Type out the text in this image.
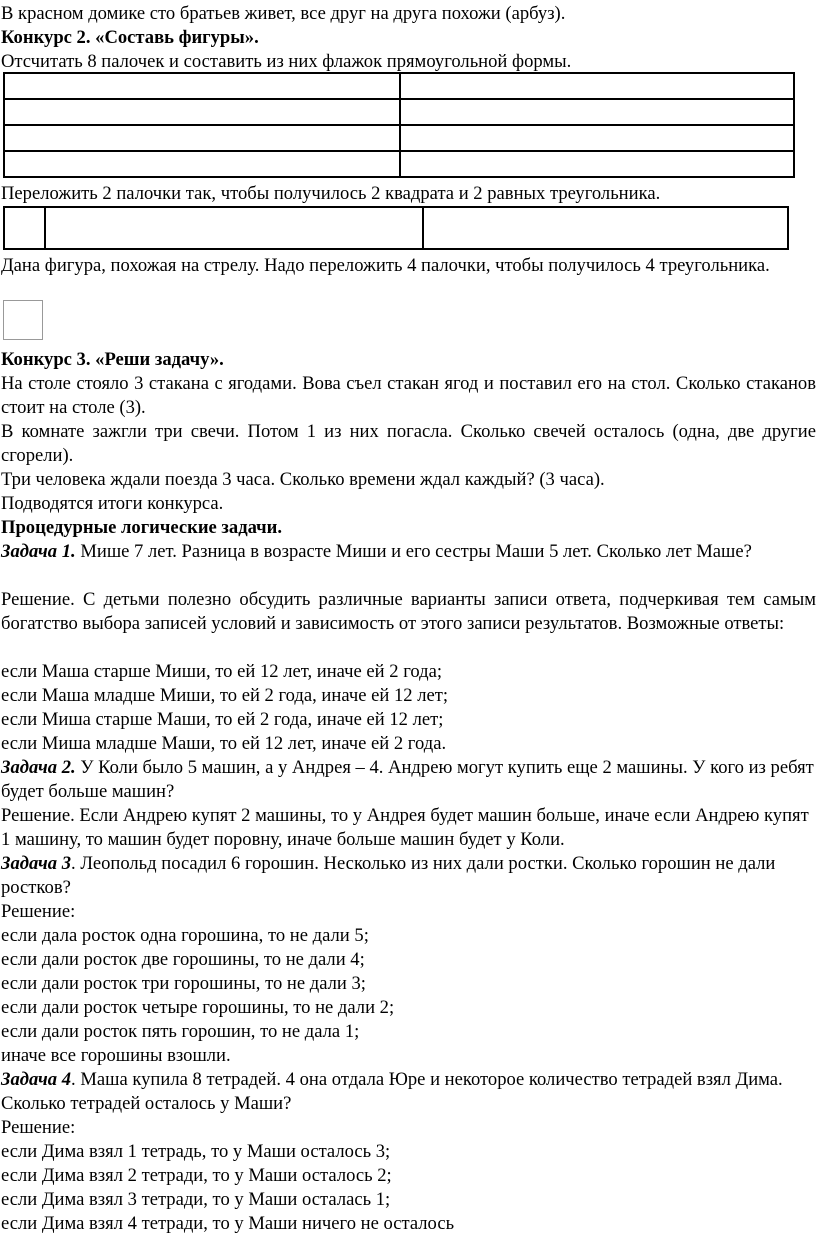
В красном домике сто братьев живет, все друг на друга похожи (арбуз).

Конкурс 2. «Составь фигуры».

Отсчитать 8 палочек и составить из них флажок прямоугольной формы.

Переложить 2 палочки так, чтобы получилось 2 квадрата и 2 равных треугольника.

Дана фигура, похожая на стрелу. Надо переложить 4 палочки, чтобы получилось 4 треугольника.

Конкурс 3. «Реши задачу».

На столе стояло 3 стакана с ягодами. Вова съел стакан ягод и поставил его на стол. Сколько стаканов стоит на столе (3).

В комнате зажгли три свечи. Потом 1 из них погасла. Сколько свечей осталось (одна, две другие сгорели).

Три человека ждали поезда 3 часа. Сколько времени ждал каждый? (3 часа).

Подводятся итоги конкурса.

Процедурные логические задачи.

Задача 1. Мише 7 лет. Разница в возрасте Миши и его сестры Маши 5 лет. Сколько лет Маше?

Решение. С детьми полезно обсудить различные варианты записи ответа, подчеркивая тем самым богатство выбора записей условий и зависимость от этого записи результатов. Возможные ответы:

если Маша старше Миши, то ей 12 лет, иначе ей 2 года;

если Маша младше Миши, то ей 2 года, иначе ей 12 лет;

если Миша старше Маши, то ей 2 года, иначе ей 12 лет;

если Миша младше Маши, то ей 12 лет, иначе ей 2 года.

Задача 2. У Коли было 5 машин, а у Андрея – 4. Андрею могут купить еще 2 машины. У кого из ребят будет больше машин?

Решение. Если Андрею купят 2 машины, то у Андрея будет машин больше, иначе если Андрею купят 1 машину, то машин будет поровну, иначе больше машин будет у Коли.

Задача 3. Леопольд посадил 6 горошин. Несколько из них дали ростки. Сколько горошин не дали ростков?

Решение:

если дала росток одна горошина, то не дали 5;

если дали росток две горошины, то не дали 4;

если дали росток три горошины, то не дали 3;

если дали росток четыре горошины, то не дали 2;

если дали росток пять горошин, то не дала 1;

иначе все горошины взошли.

Задача 4. Маша купила 8 тетрадей. 4 она отдала Юре и некоторое количество тетрадей взял Дима. Сколько тетрадей осталось у Маши?

Решение:

если Дима взял 1 тетрадь, то у Маши осталось 3;

если Дима взял 2 тетради, то у Маши осталось 2;

если Дима взял 3 тетради, то у Маши осталась 1;

если Дима взял 4 тетради, то у Маши ничего не осталось
